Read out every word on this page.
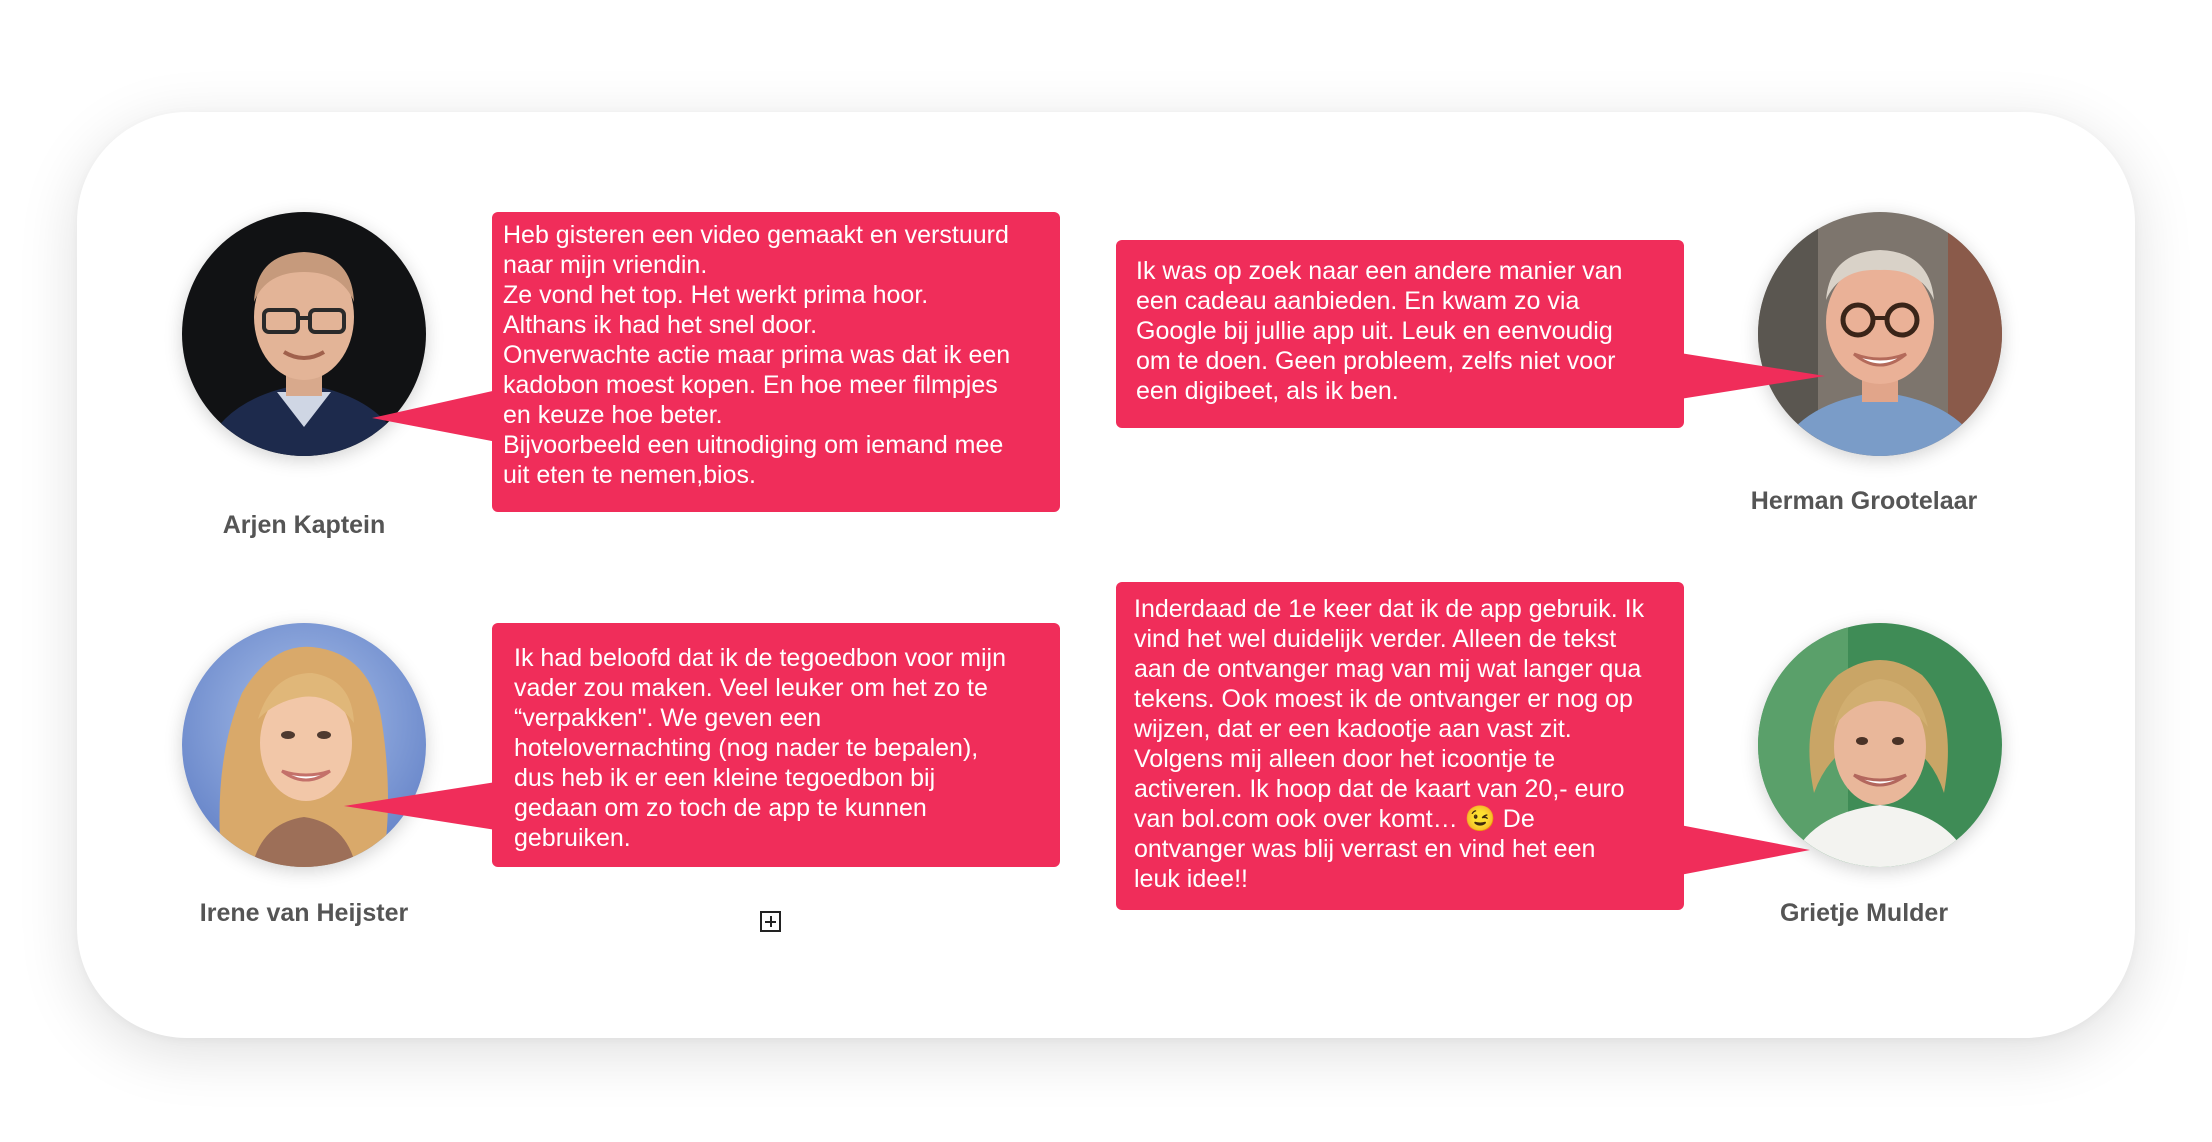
Arjen Kaptein
Heb gisteren een video gemaakt en verstuurd
naar mijn vriendin.
Ze vond het top. Het werkt prima hoor.
Althans ik had het snel door.
Onverwachte actie maar prima was dat ik een
kadobon moest kopen. En hoe meer filmpjes
en keuze hoe beter.
Bijvoorbeeld een uitnodiging om iemand mee
uit eten te nemen,bios.
Herman Grootelaar
Ik was op zoek naar een andere manier van
een cadeau aanbieden. En kwam zo via
Google bij jullie app uit. Leuk en eenvoudig
om te doen. Geen probleem, zelfs niet voor
een digibeet, als ik ben.
Irene van Heijster
Ik had beloofd dat ik de tegoedbon voor mijn
vader zou maken. Veel leuker om het zo te
“verpakken". We geven een
hotelovernachting (nog nader te bepalen),
dus heb ik er een kleine tegoedbon bij
gedaan om zo toch de app te kunnen
gebruiken.
Grietje Mulder
Inderdaad de 1e keer dat ik de app gebruik. Ik
vind het wel duidelijk verder. Alleen de tekst
aan de ontvanger mag van mij wat langer qua
tekens. Ook moest ik de ontvanger er nog op
wijzen, dat er een kadootje aan vast zit.
Volgens mij alleen door het icoontje te
activeren. Ik hoop dat de kaart van 20,- euro
van bol.com ook over komt… 😉 De
ontvanger was blij verrast en vind het een
leuk idee!!
